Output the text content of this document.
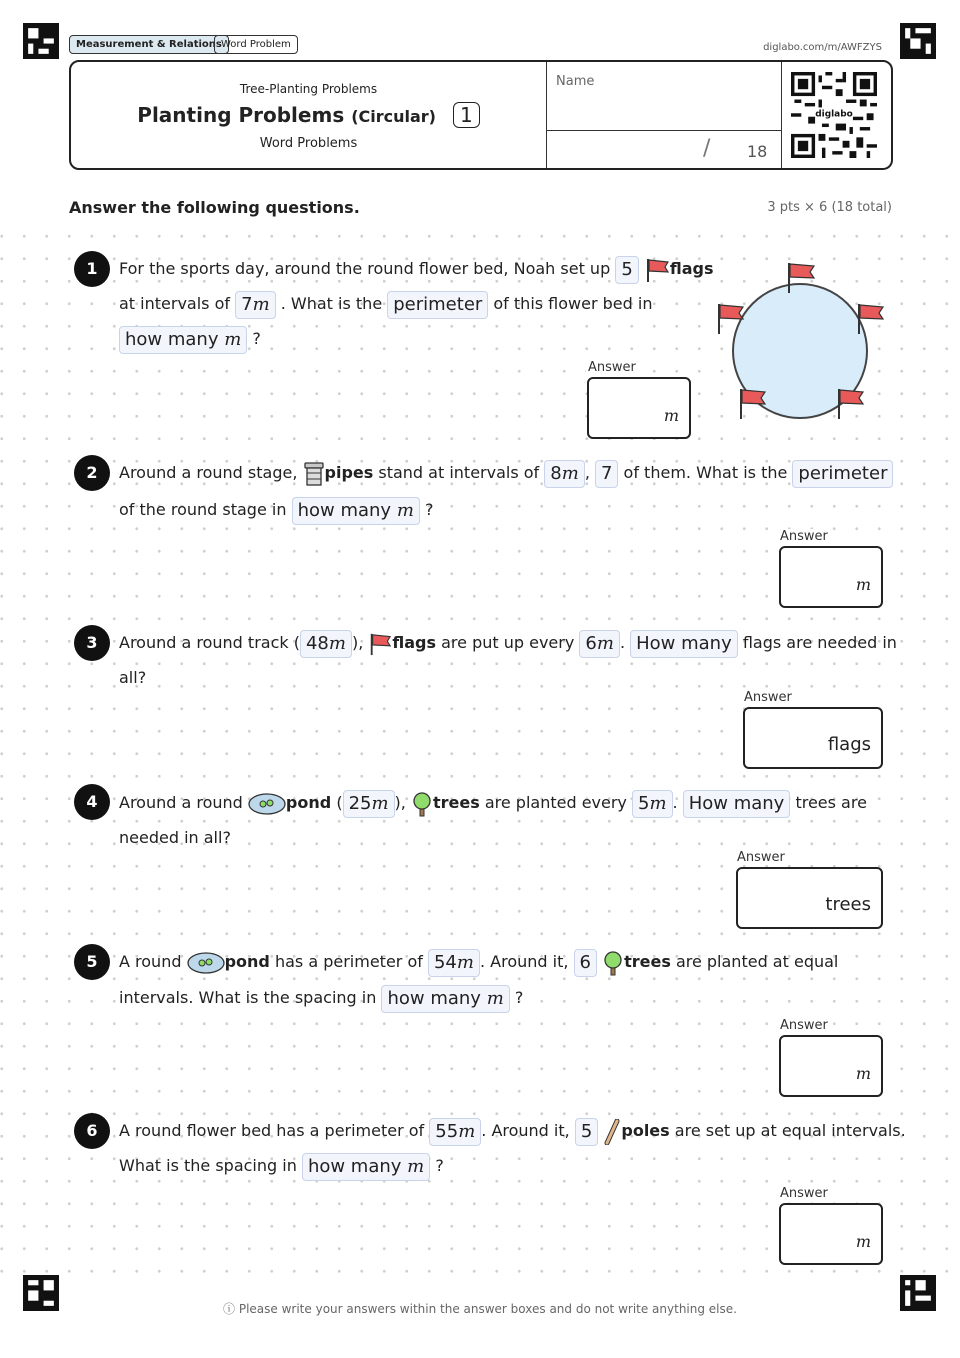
Measurement & Relations Word Problem	diglabo.com/m/AWFZYS
Tree-Planting Problems
Planting Problems (Circular) 1
Word Problems
Name
/ 18
diglabo
Answer the following questions.	3 pts × 6 (18 total)
1	For the sports day, around the round flower bed, Noah set up 5 flags
at intervals of 7m . What is the perimeter of this flower bed in
how many m ?
Answer
m
2	Around a round stage, pipes stand at intervals of 8m , 7 of them. What is the perimeter
of the round stage in how many m ?
Answer
m
3	Around a round track ( 48m ), flags are put up every 6m . How many flags are needed in
all?
Answer
flags
4	Around a round	pond ( 25m ), trees are planted every 5m . How many trees are
needed in all?
Answer
trees
5	A round	pond has a perimeter of 54m . Around it, 6 trees are planted at equal
intervals. What is the spacing in how many m ?
Answer
m
6	A round flower bed has a perimeter of 55m . Around it, 5 poles are set up at equal intervals.
What is the spacing in how many m ?
Answer
m
ⓘ Please write your answers within the answer boxes and do not write anything else.
